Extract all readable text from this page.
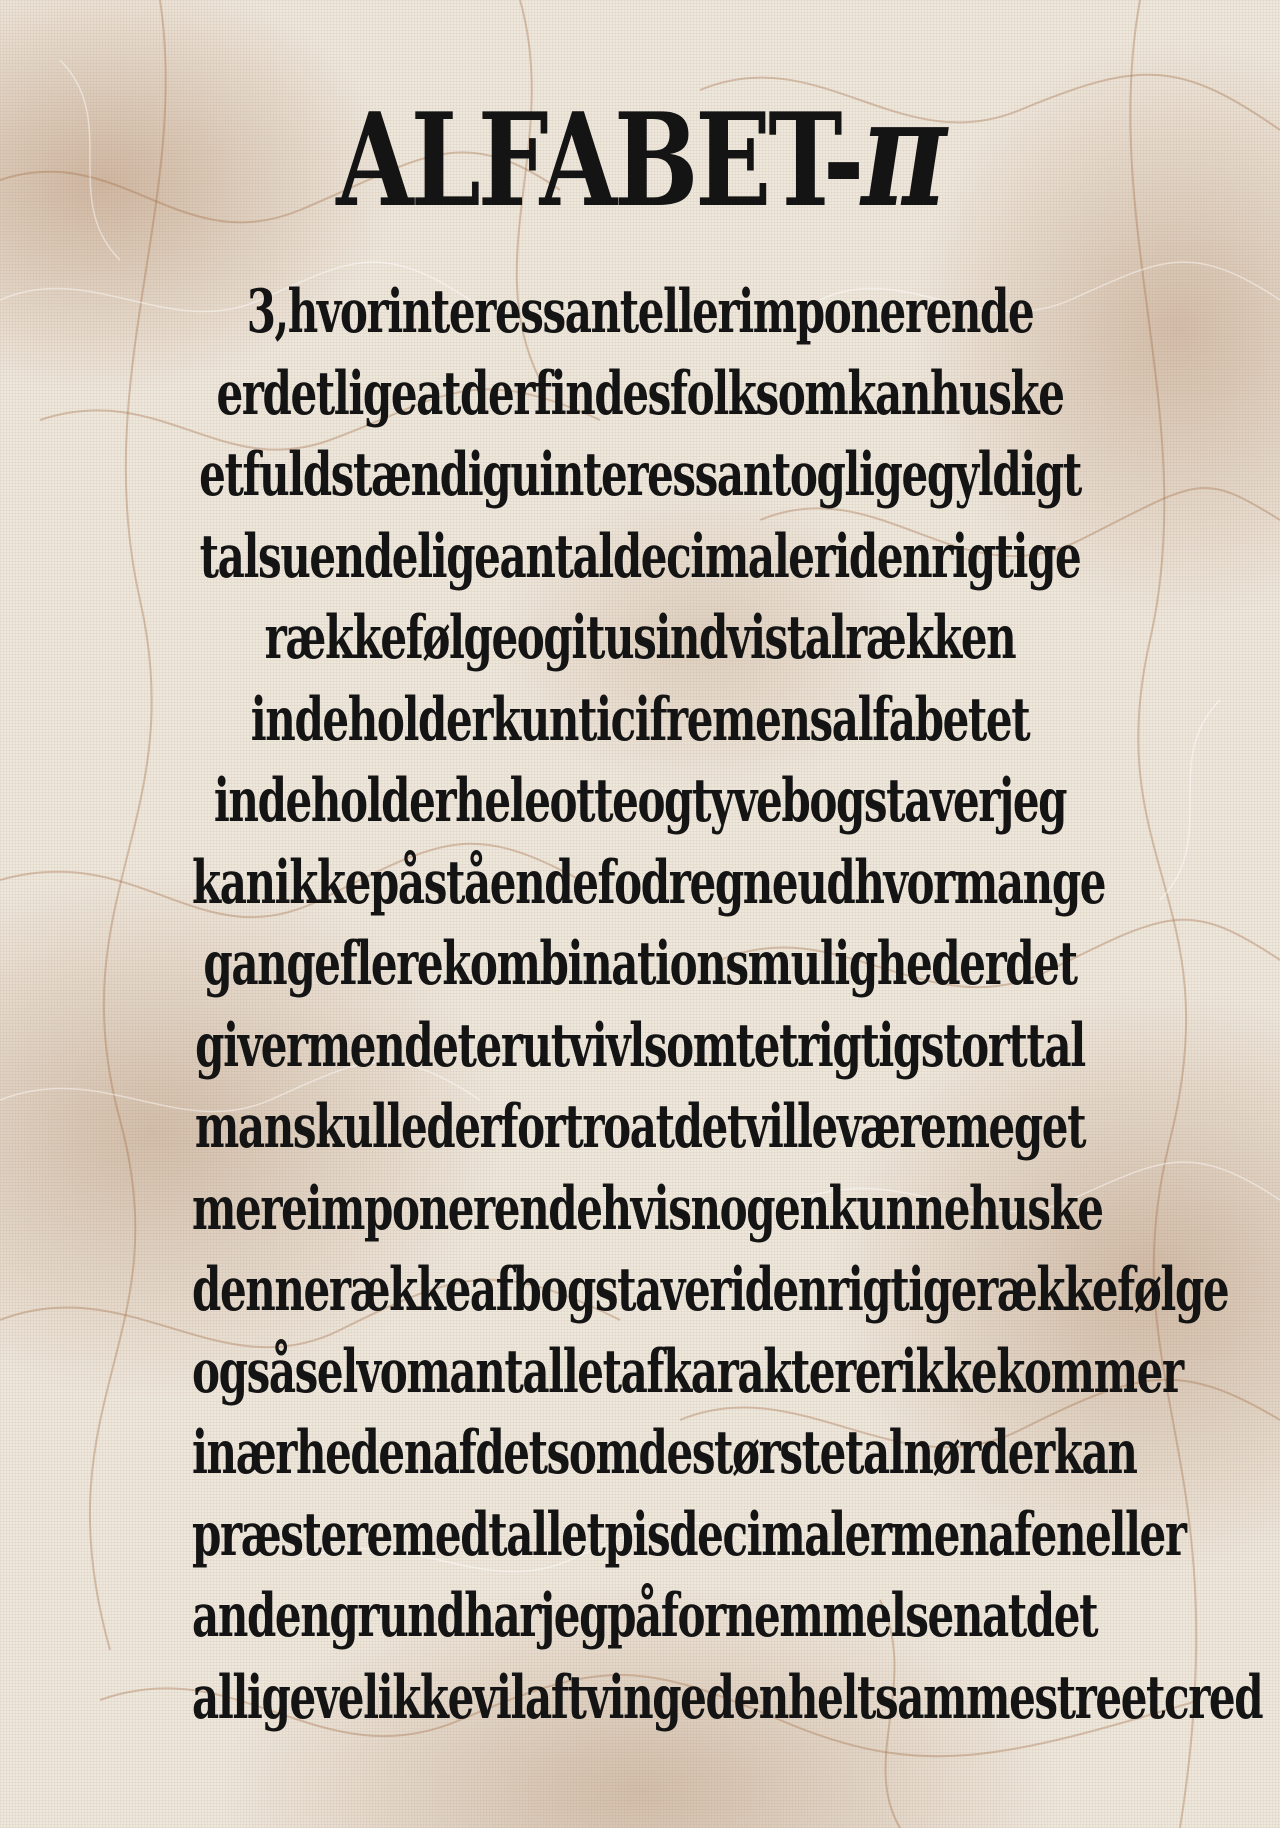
ALFABET-π
3,hvorinteressantellerimponerende
erdetligeatderfindesfolksomkanhuske
etfuldstændiguinteressantogligegyldigt
talsuendeligeantaldecimaleridenrigtige
rækkefølgeogitusindvistalrækken
indeholderkunticifremensalfabetet
indeholderheleotteogtyvebogstaverjeg
kanikkepåståendefodregneudhvormange
gangeflerekombinationsmulighederdet
givermendeterutvivlsomtetrigtigstorttal
manskullederfortroatdetvilleværemeget
mereimponerendehvisnogenkunnehuske
dennerækkeafbogstaveridenrigtigerækkefølge
ogsåselvomantalletafkaraktererikkekommer
inærhedenafdetsomdestørstetalnørderkan
præsteremedtalletpisdecimalermenafeneller
andengrundharjegpåfornemmelsenatdet
alligevelikkevilaftvingedenheltsammestreetcred
